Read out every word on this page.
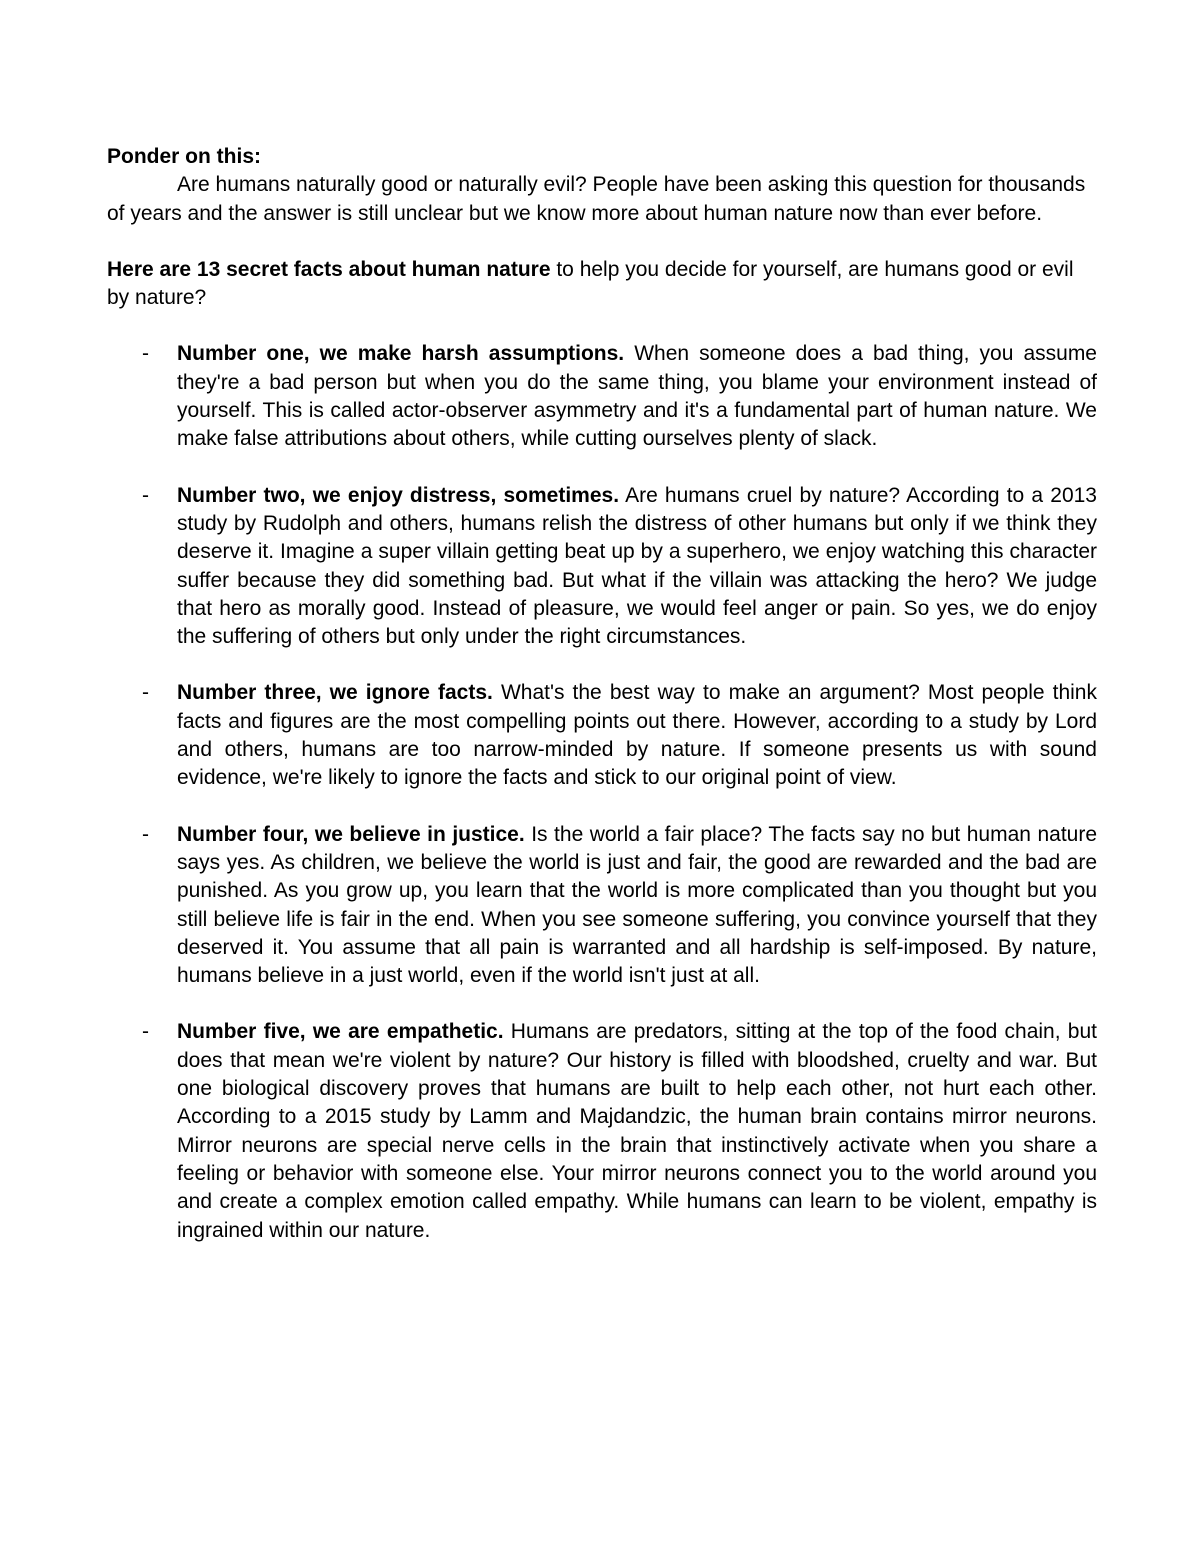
Ponder on this:

Are humans naturally good or naturally evil? People have been asking this question for thousands of years and the answer is still unclear but we know more about human nature now than ever before.

Here are 13 secret facts about human nature to help you decide for yourself, are humans good or evil by nature?

- Number one, we make harsh assumptions. When someone does a bad thing, you assume they're a bad person but when you do the same thing, you blame your environment instead of yourself. This is called actor-observer asymmetry and it's a fundamental part of human nature. We make false attributions about others, while cutting ourselves plenty of slack.
- Number two, we enjoy distress, sometimes. Are humans cruel by nature? According to a 2013 study by Rudolph and others, humans relish the distress of other humans but only if we think they deserve it. Imagine a super villain getting beat up by a superhero, we enjoy watching this character suffer because they did something bad. But what if the villain was attacking the hero? We judge that hero as morally good. Instead of pleasure, we would feel anger or pain. So yes, we do enjoy the suffering of others but only under the right circumstances.
- Number three, we ignore facts. What's the best way to make an argument? Most people think facts and figures are the most compelling points out there. However, according to a study by Lord and others, humans are too narrow-minded by nature. If someone presents us with sound evidence, we're likely to ignore the facts and stick to our original point of view.
- Number four, we believe in justice. Is the world a fair place? The facts say no but human nature says yes. As children, we believe the world is just and fair, the good are rewarded and the bad are punished. As you grow up, you learn that the world is more complicated than you thought but you still believe life is fair in the end. When you see someone suffering, you convince yourself that they deserved it. You assume that all pain is warranted and all hardship is self-imposed. By nature, humans believe in a just world, even if the world isn't just at all.
- Number five, we are empathetic. Humans are predators, sitting at the top of the food chain, but does that mean we're violent by nature? Our history is filled with bloodshed, cruelty and war. But one biological discovery proves that humans are built to help each other, not hurt each other. According to a 2015 study by Lamm and Majdandzic, the human brain contains mirror neurons. Mirror neurons are special nerve cells in the brain that instinctively activate when you share a feeling or behavior with someone else. Your mirror neurons connect you to the world around you and create a complex emotion called empathy. While humans can learn to be violent, empathy is ingrained within our nature.
